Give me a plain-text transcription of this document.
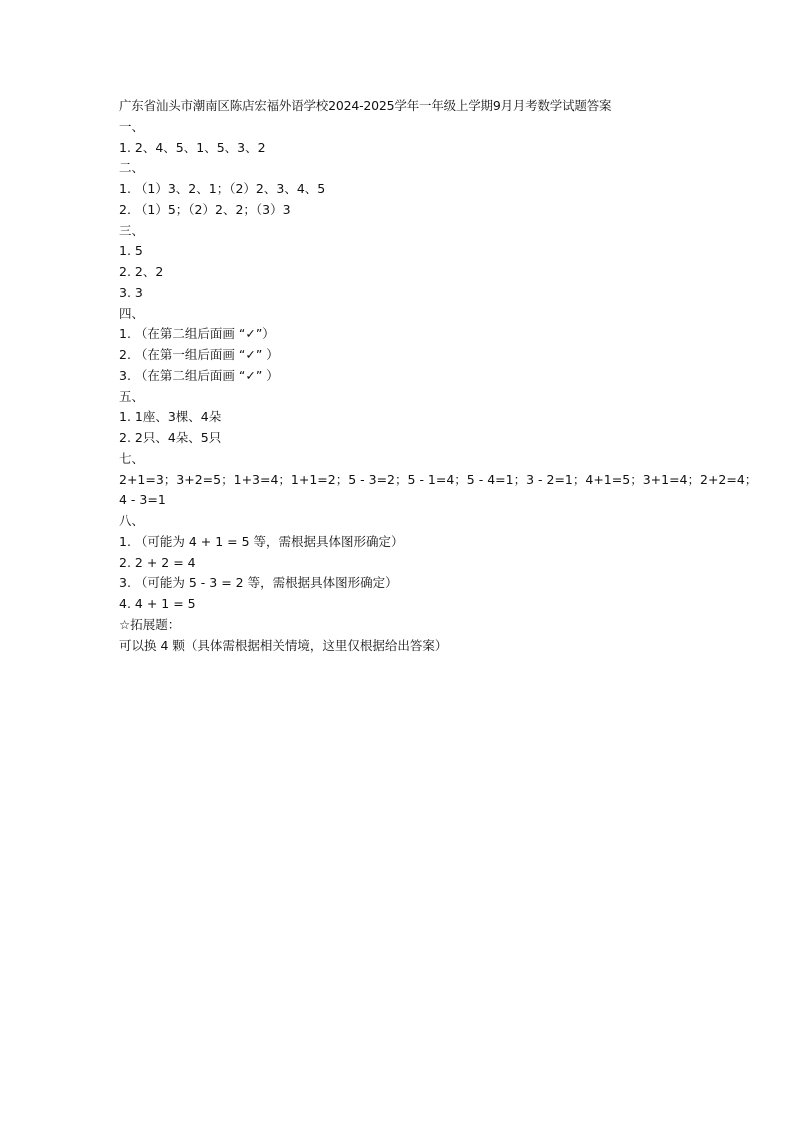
广东省汕头市潮南区陈店宏福外语学校2024-2025学年一年级上学期9月月考数学试题答案
一、
1. 2、4、5、1、5、3、2
二、
1. （1）3、2、1；（2）2、3、4、5
2. （1）5；（2）2、2；（3）3
三、
1. 5
2. 2、2
3. 3
四、
1. （在第二组后面画 “✓”）
2. （在第一组后面画 “✓” ）
3. （在第二组后面画 “✓” ）
五、
1. 1座、3棵、4朵
2. 2只、4朵、5只
七、
2+1=3；3+2=5；1+3=4；1+1=2；5 - 3=2；5 - 1=4；5 - 4=1；3 - 2=1；4+1=5；3+1=4；2+2=4；
4 - 3=1
八、
1. （可能为 4 + 1 = 5 等，需根据具体图形确定）
2. 2 + 2 = 4
3. （可能为 5 - 3 = 2 等，需根据具体图形确定）
4. 4 + 1 = 5
☆拓展题：
可以换 4 颗（具体需根据相关情境，这里仅根据给出答案）
